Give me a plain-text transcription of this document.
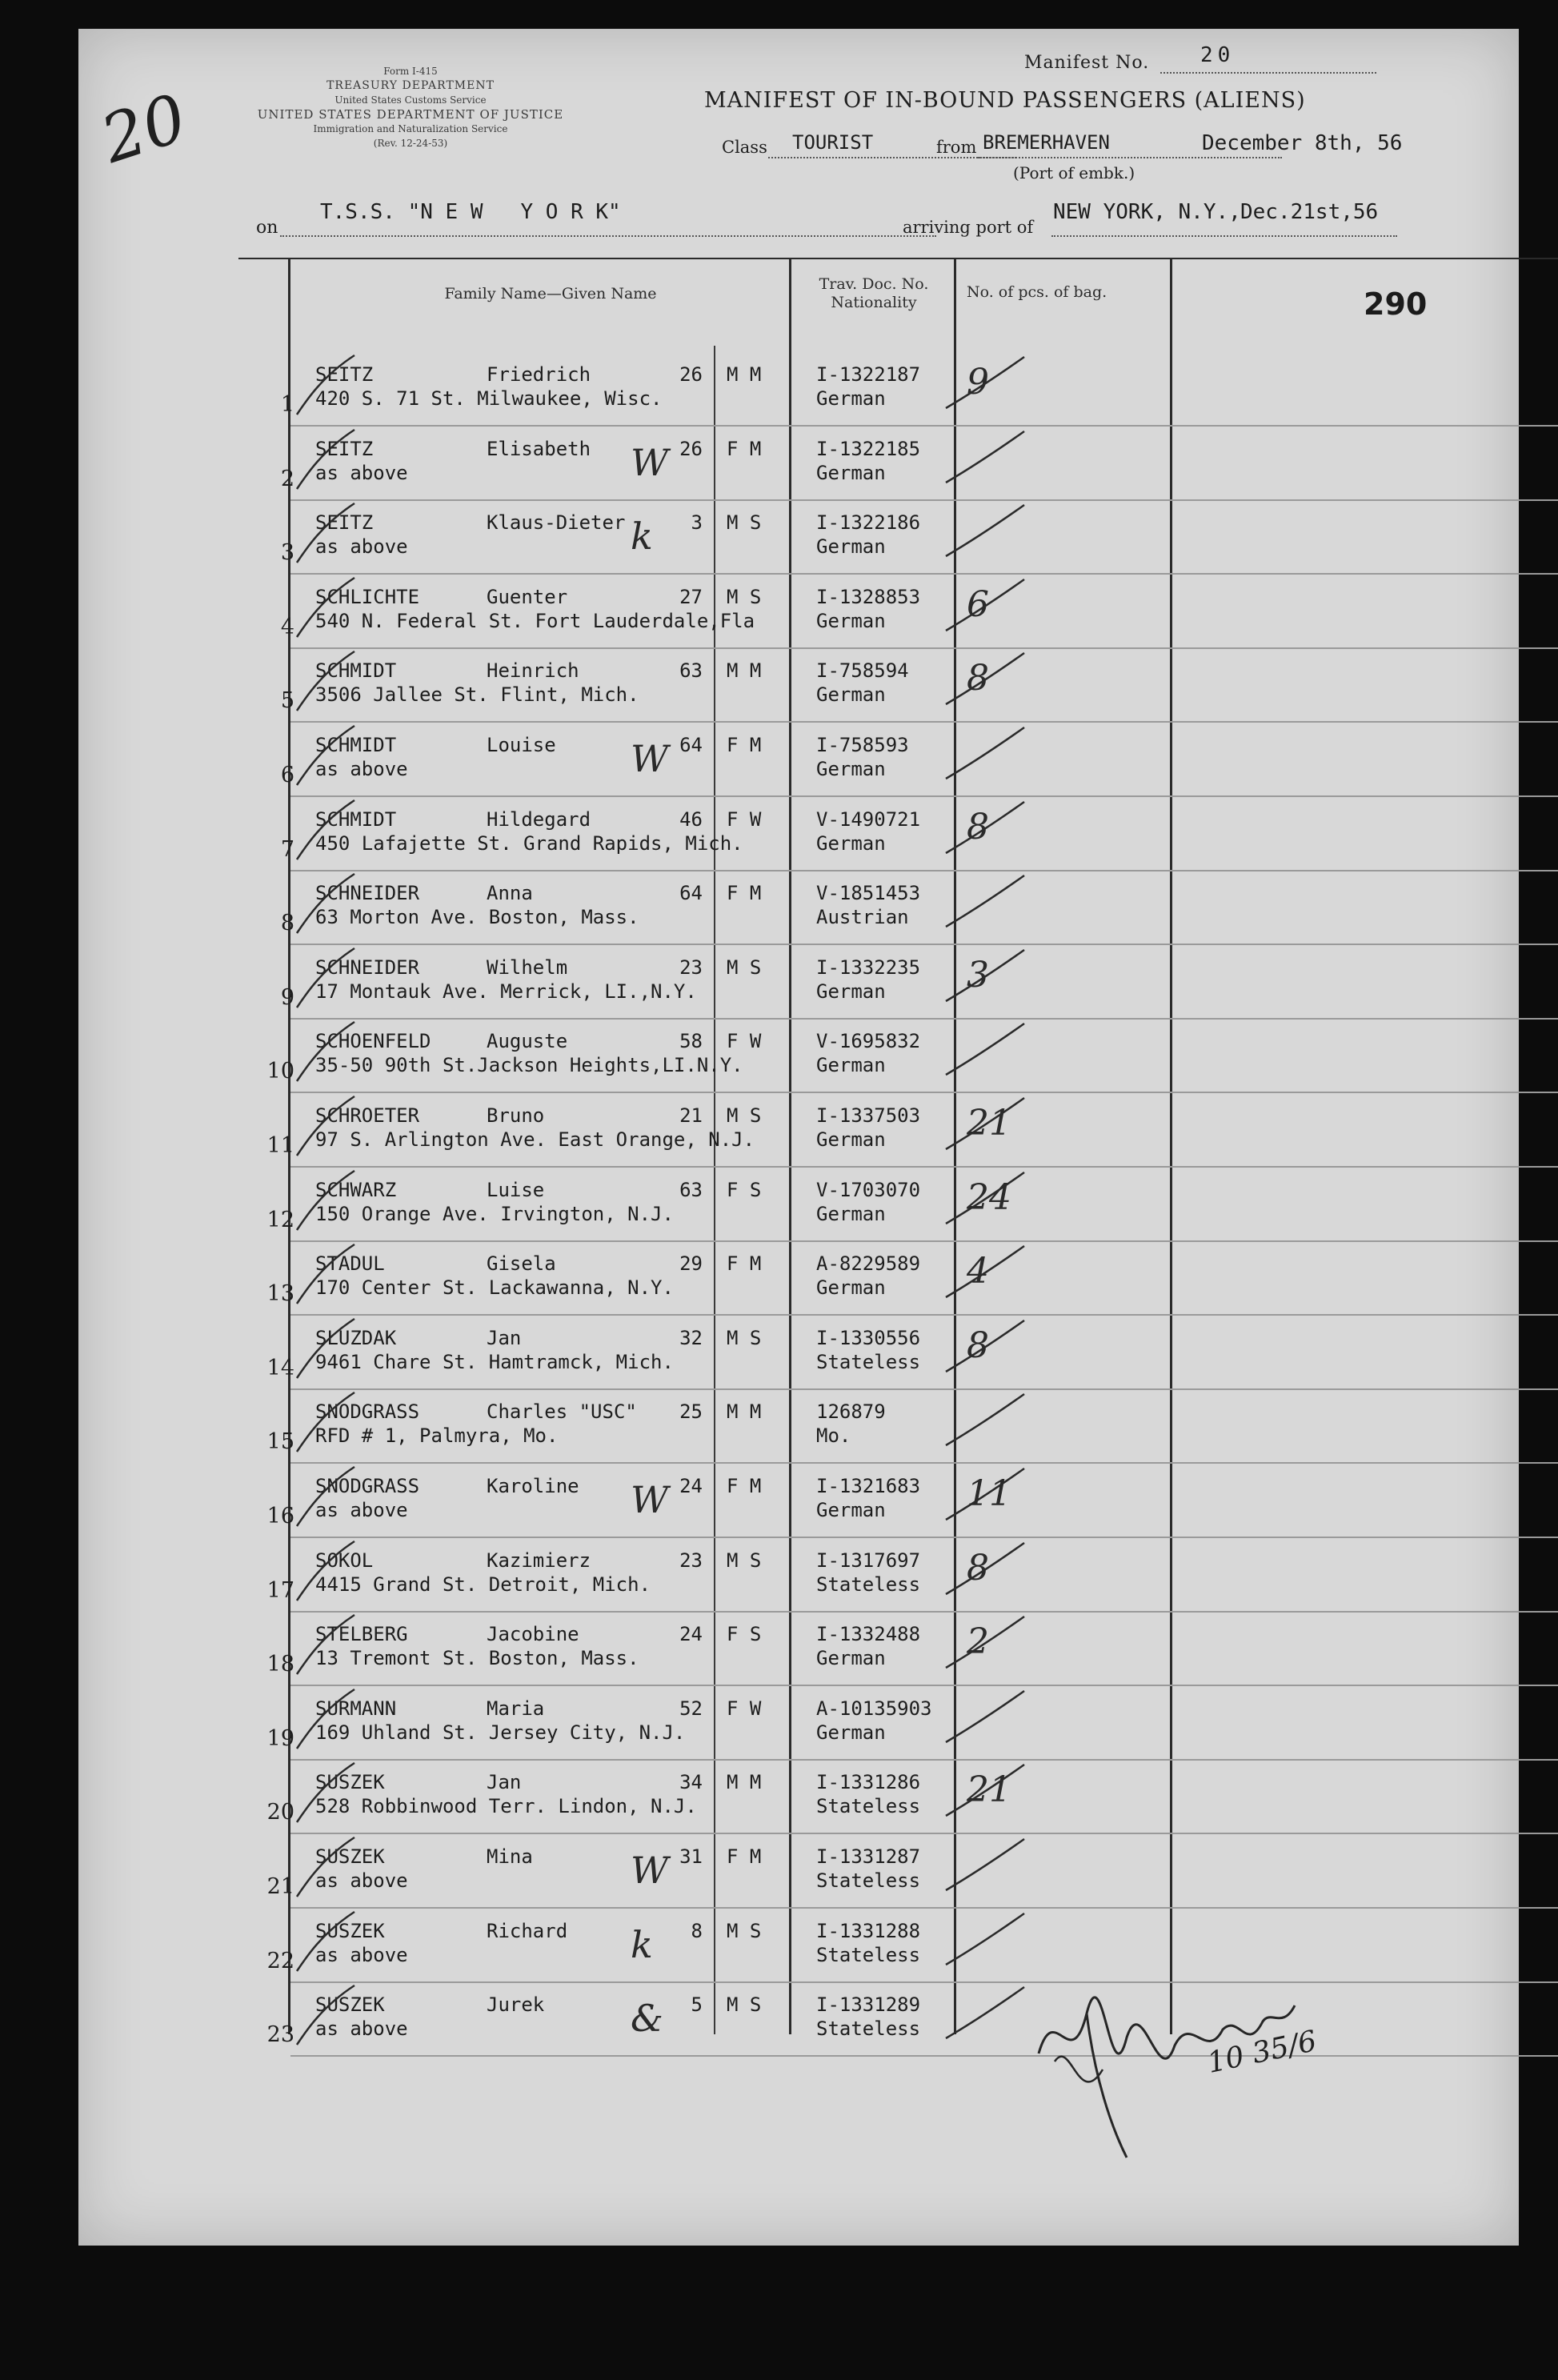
20
Form I-415
TREASURY DEPARTMENT
United States Customs Service
UNITED STATES DEPARTMENT OF JUSTICE
Immigration and Naturalization Service
(Rev. 12-24-53)
Manifest No. 20
MANIFEST OF IN-BOUND PASSENGERS (ALIENS)
Class TOURIST	from BREMERHAVEN	December 8th, 56
(Port of embk.)
on
T.S.S. "N E W   Y O R K"
arriving port of
NEW YORK, N.Y., Dec.21st,56
Family Name—Given Name
Trav. Doc. No.
Nationality
No. of pcs. of bag.	290
1
SEITZ	Friedrich	26 M M
420 S. 71 St. Milwaukee, Wisc.
I-1322187
German 9
2
SEITZ	Elisabeth	26 F M
as above
I-1322185
German
W
3
SEITZ	Klaus-Dieter	3 M S
as above
I-1322186
German
k
4
SCHLICHTE	Guenter	27 M S
540 N. Federal St. Fort Lauderdale,Fla
I-1328853
German 6
5
SCHMIDT	Heinrich	63 M M
3506 Jallee St. Flint, Mich.
I-758594
German 8
6
SCHMIDT	Louise	64 F M
as above
I-758593
German
W
7
SCHMIDT	Hildegard	46 F W
450 Lafajette St. Grand Rapids, Mich.
V-1490721
German 8
8
SCHNEIDER	Anna	64 F M
63 Morton Ave. Boston, Mass.
V-1851453
Austrian
9
SCHNEIDER	Wilhelm	23 M S
17 Montauk Ave. Merrick, LI.,N.Y.
I-1332235
German 3
10
SCHOENFELD	Auguste	58 F W
35-50 90th St.Jackson Heights,LI.N.Y.
V-1695832
German
11
SCHROETER	Bruno	21 M S
97 S. Arlington Ave. East Orange, N.J.
I-1337503
German 21
12
SCHWARZ	Luise	63 F S
150 Orange Ave. Irvington, N.J.
V-1703070
German 24
13
STADUL	Gisela	29 F M
170 Center St. Lackawanna, N.Y.
A-8229589
German 4
14
SLUZDAK	Jan	32 M S
9461 Chare St. Hamtramck, Mich.
I-1330556
Stateless 8
15
SNODGRASS	Charles "USC"	25 M M
RFD # 1, Palmyra, Mo.
126879
Mo.
16
SNODGRASS	Karoline	24 F M
as above
I-1321683
German 11
W
17
SOKOL	Kazimierz	23 M S
4415 Grand St. Detroit, Mich.
I-1317697
Stateless 8
18
STELBERG	Jacobine	24 F S
13 Tremont St. Boston, Mass.
I-1332488
German 2
19
SURMANN	Maria	52 F W
169 Uhland St. Jersey City, N.J.
A-10135903
German
20
SUSZEK	Jan	34 M M
528 Robbinwood Terr. Lindon, N.J.
I-1331286
Stateless 21
21
SUSZEK	Mina	31 F M
as above
I-1331287
Stateless
W
22
SUSZEK	Richard	8 M S
as above
I-1331288
Stateless
k
23
SUSZEK	Jurek	5 M S
as above
I-1331289
Stateless
&
10 35/6
